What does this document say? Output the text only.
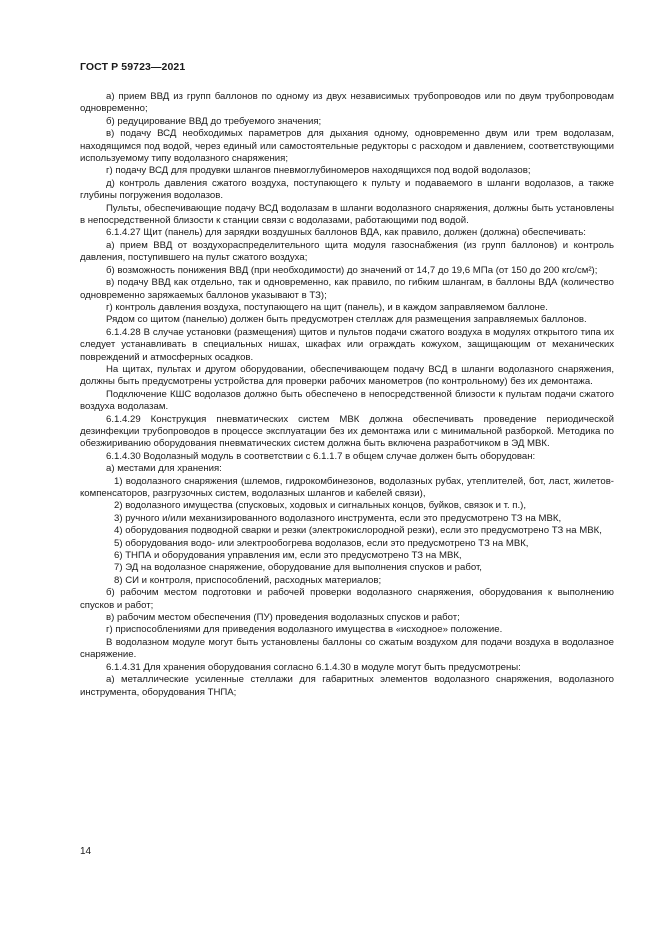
ГОСТ Р 59723—2021

а) прием ВВД из групп баллонов по одному из двух независимых трубопроводов или по двум трубопроводам одновременно;

б) редуцирование ВВД до требуемого значения;

в) подачу ВСД необходимых параметров для дыхания одному, одновременно двум или трем водолазам, находящимся под водой, через единый или самостоятельные редукторы с расходом и давлением, соответствующими используемому типу водолазного снаряжения;

г) подачу ВСД для продувки шлангов пневмоглубиномеров находящихся под водой водолазов;

д) контроль давления сжатого воздуха, поступающего к пульту и подаваемого в шланги водолазов, а также глубины погружения водолазов.

Пульты, обеспечивающие подачу ВСД водолазам в шланги водолазного снаряжения, должны быть установлены в непосредственной близости к станции связи с водолазами, работающими под водой.

6.1.4.27 Щит (панель) для зарядки воздушных баллонов ВДА, как правило, должен (должна) обеспечивать:

а) прием ВВД от воздухораспределительного щита модуля газоснабжения (из групп баллонов) и контроль давления, поступившего на пульт сжатого воздуха;

б) возможность понижения ВВД (при необходимости) до значений от 14,7 до 19,6 МПа (от 150 до 200 кгс/см²);

в) подачу ВВД как отдельно, так и одновременно, как правило, по гибким шлангам, в баллоны ВДА (количество одновременно заряжаемых баллонов указывают в ТЗ);

г) контроль давления воздуха, поступающего на щит (панель), и в каждом заправляемом баллоне.

Рядом со щитом (панелью) должен быть предусмотрен стеллаж для размещения заправляемых баллонов.

6.1.4.28 В случае установки (размещения) щитов и пультов подачи сжатого воздуха в модулях открытого типа их следует устанавливать в специальных нишах, шкафах или ограждать кожухом, защищающим от механических повреждений и атмосферных осадков.

На щитах, пультах и другом оборудовании, обеспечивающем подачу ВСД в шланги водолазного снаряжения, должны быть предусмотрены устройства для проверки рабочих манометров (по контрольному) без их демонтажа.

Подключение КШС водолазов должно быть обеспечено в непосредственной близости к пультам подачи сжатого воздуха водолазам.

6.1.4.29 Конструкция пневматических систем МВК должна обеспечивать проведение периодической дезинфекции трубопроводов в процессе эксплуатации без их демонтажа или с минимальной разборкой. Методика по обезжириванию оборудования пневматических систем должна быть включена разработчиком в ЭД МВК.

6.1.4.30 Водолазный модуль в соответствии с 6.1.1.7 в общем случае должен быть оборудован:

а) местами для хранения:

1) водолазного снаряжения (шлемов, гидрокомбинезонов, водолазных рубах, утеплителей, бот, ласт, жилетов-компенсаторов, разгрузочных систем, водолазных шлангов и кабелей связи),

2) водолазного имущества (спусковых, ходовых и сигнальных концов, буйков, связок и т. п.),

3) ручного и/или механизированного водолазного инструмента, если это предусмотрено ТЗ на МВК,

4) оборудования подводной сварки и резки (электрокислородной резки), если это предусмотрено ТЗ на МВК,

5) оборудования водо- или электрообогрева водолазов, если это предусмотрено ТЗ на МВК,

6) ТНПА и оборудования управления им, если это предусмотрено ТЗ на МВК,

7) ЭД на водолазное снаряжение, оборудование для выполнения спусков и работ,

8) СИ и контроля, приспособлений, расходных материалов;

б) рабочим местом подготовки и рабочей проверки водолазного снаряжения, оборудования к выполнению спусков и работ;

в) рабочим местом обеспечения (ПУ) проведения водолазных спусков и работ;

г) приспособлениями для приведения водолазного имущества в «исходное» положение.

В водолазном модуле могут быть установлены баллоны со сжатым воздухом для подачи воздуха в водолазное снаряжение.

6.1.4.31 Для хранения оборудования согласно 6.1.4.30 в модуле могут быть предусмотрены:

а) металлические усиленные стеллажи для габаритных элементов водолазного снаряжения, водолазного инструмента, оборудования ТНПА;

14
